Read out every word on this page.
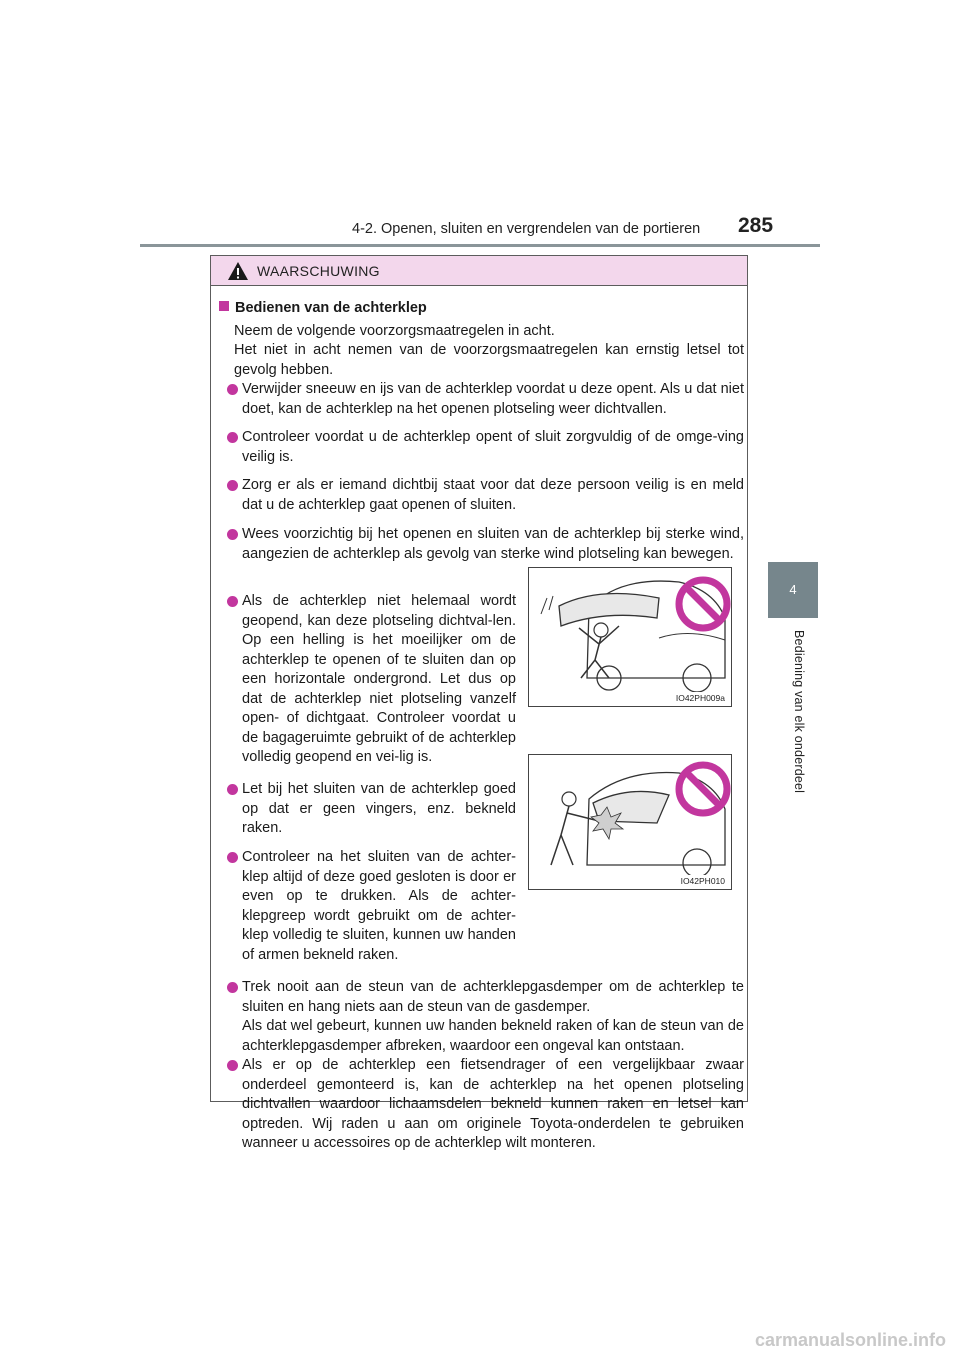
4-2. Openen, sluiten en vergrendelen van de portieren 285
4
Bediening van elk onderdeel
WAARSCHUWING
Bedienen van de achterklep
Neem de volgende voorzorgsmaatregelen in acht.
Het niet in acht nemen van de voorzorgsmaatregelen kan ernstig letsel tot gevolg hebben.
Verwijder sneeuw en ijs van de achterklep voordat u deze opent. Als u dat niet doet, kan de achterklep na het openen plotseling weer dichtvallen.
Controleer voordat u de achterklep opent of sluit zorgvuldig of de omge-ving veilig is.
Zorg er als er iemand dichtbij staat voor dat deze persoon veilig is en meld dat u de achterklep gaat openen of sluiten.
Wees voorzichtig bij het openen en sluiten van de achterklep bij sterke wind, aangezien de achterklep als gevolg van sterke wind plotseling kan bewegen.
Als de achterklep niet helemaal wordt geopend, kan deze plotseling dichtval-len. Op een helling is het moeilijker om de achterklep te openen of te sluiten dan op een horizontale ondergrond. Let dus op dat de achterklep niet plotseling vanzelf open- of dichtgaat. Controleer voordat u de bagageruimte gebruikt of de achterklep volledig geopend en vei-lig is.
IO42PH009a
Let bij het sluiten van de achterklep goed op dat er geen vingers, enz. bekneld raken.
Controleer na het sluiten van de achter-klep altijd of deze goed gesloten is door er even op te drukken. Als de achter-klepgreep wordt gebruikt om de achter-klep volledig te sluiten, kunnen uw handen of armen bekneld raken.
IO42PH010
Trek nooit aan de steun van de achterklepgasdemper om de achterklep te sluiten en hang niets aan de steun van de gasdemper.
Als dat wel gebeurt, kunnen uw handen bekneld raken of kan de steun van de achterklepgasdemper afbreken, waardoor een ongeval kan ontstaan.
Als er op de achterklep een fietsendrager of een vergelijkbaar zwaar onderdeel gemonteerd is, kan de achterklep na het openen plotseling dichtvallen waardoor lichaamsdelen bekneld kunnen raken en letsel kan optreden. Wij raden u aan om originele Toyota-onderdelen te gebruiken wanneer u accessoires op de achterklep wilt monteren.
carmanualsonline.info
